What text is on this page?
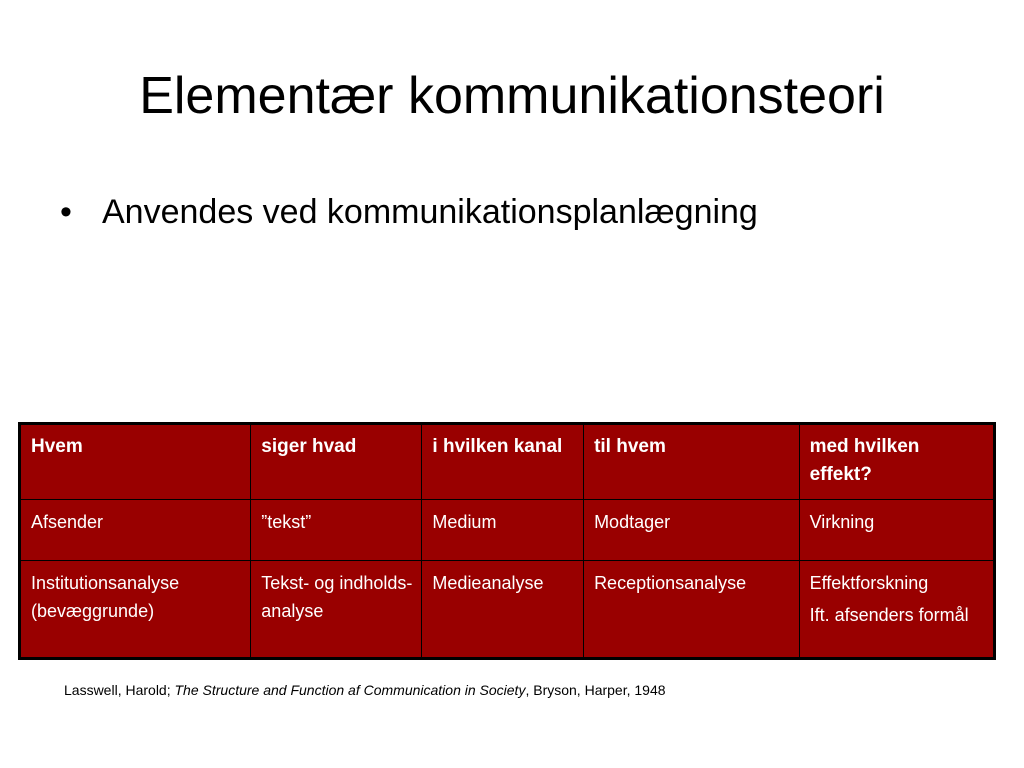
Elementær kommunikationsteori
• Anvendes ved kommunikationsplanlægning
Hvem	siger hvad	i hvilken kanal	til hvem	med hvilken effekt?
Afsender	”tekst”	Medium	Modtager	Virkning
Institutionsanalyse (bevæggrunde)	Tekst- og indholds-analyse	Medieanalyse	Receptionsanalyse	Effektforskning
Ift. afsenders formål
Lasswell, Harold; The Structure and Function af Communication in Society, Bryson, Harper, 1948
